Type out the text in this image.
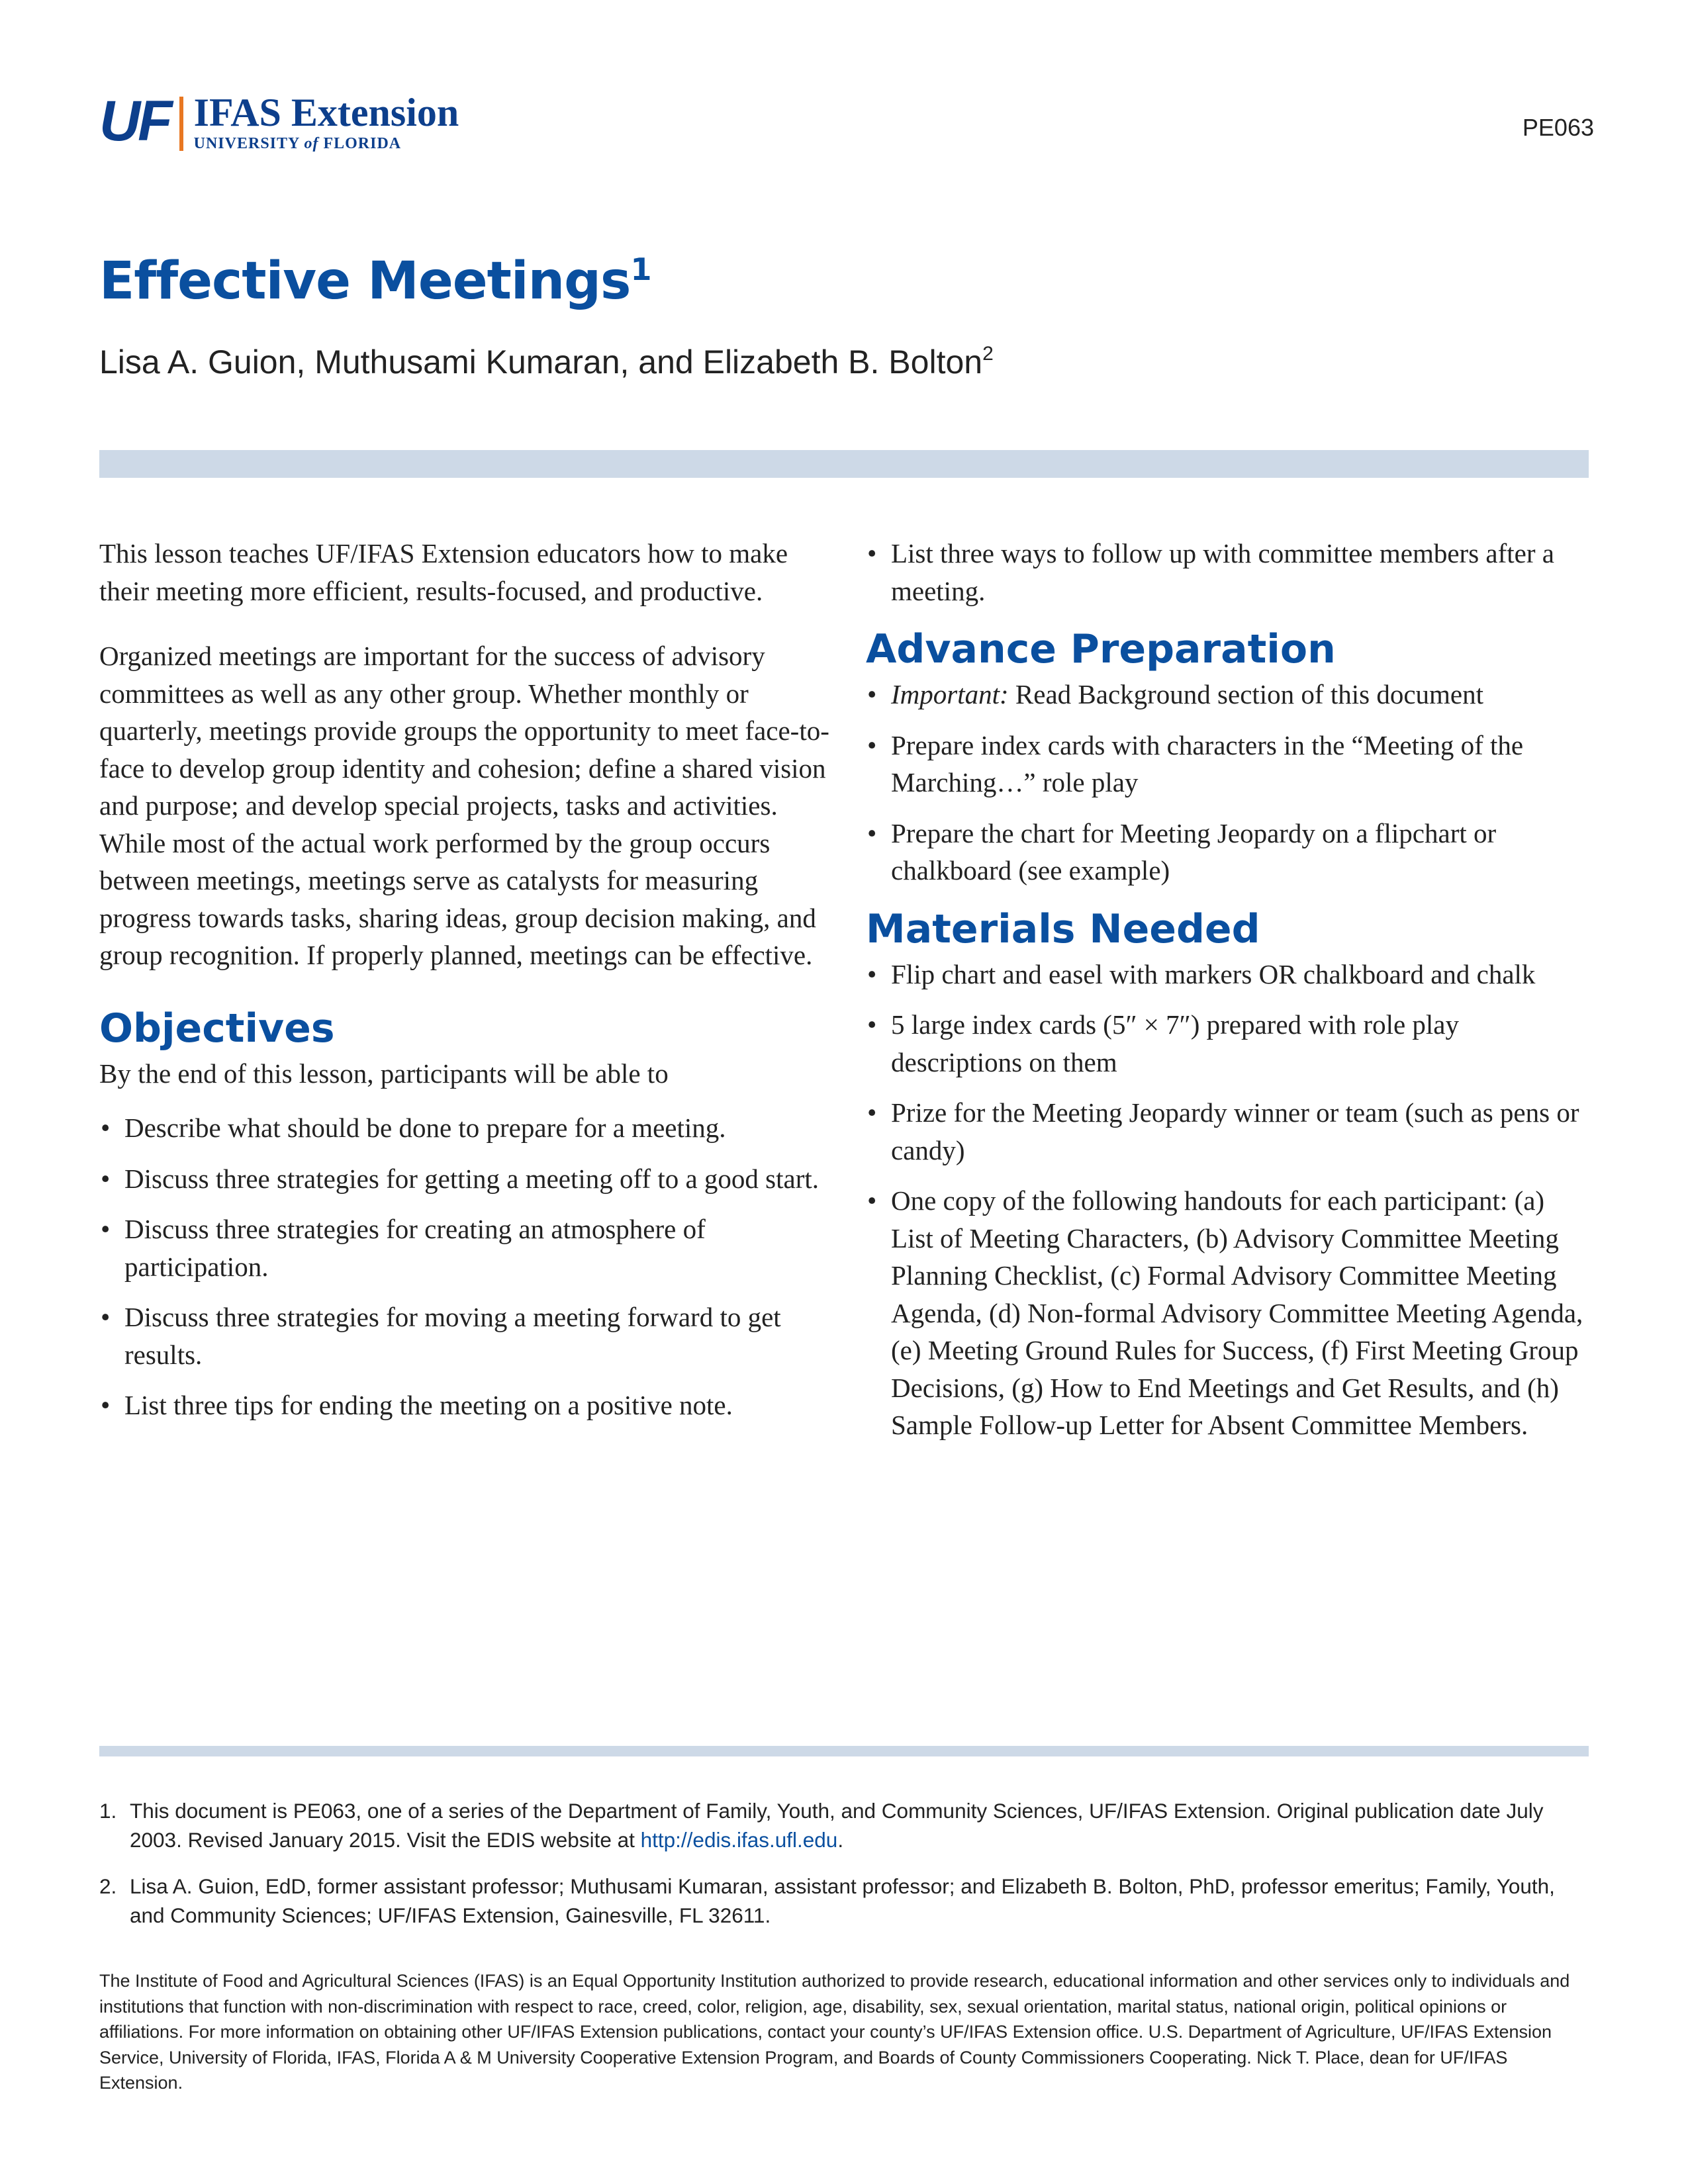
UF IFAS Extension
UNIVERSITY of FLORIDA
PE063
Effective Meetings$^1$
Lisa A. Guion, Muthusami Kumaran, and Elizabeth B. Bolton$^2$

This lesson teaches UF/IFAS Extension educators how to make their meeting more efficient, results-focused, and productive.

Organized meetings are important for the success of advisory committees as well as any other group. Whether monthly or quarterly, meetings provide groups the opportunity to meet face-to-face to develop group identity and cohesion; define a shared vision and purpose; and develop special projects, tasks and activities. While most of the actual work performed by the group occurs between meetings, meetings serve as catalysts for measuring progress towards tasks, sharing ideas, group decision making, and group recognition. If properly planned, meetings can be effective.

Objectives

By the end of this lesson, participants will be able to

• Describe what should be done to prepare for a meeting.
• Discuss three strategies for getting a meeting off to a good start.
• Discuss three strategies for creating an atmosphere of participation.
• Discuss three strategies for moving a meeting forward to get results.
• List three tips for ending the meeting on a positive note.
• List three ways to follow up with committee members after a meeting.
Advance Preparation
• Important: Read Background section of this document
• Prepare index cards with characters in the “Meeting of the Marching…” role play
• Prepare the chart for Meeting Jeopardy on a flipchart or chalkboard (see example)
Materials Needed
• Flip chart and easel with markers OR chalkboard and chalk
• 5 large index cards (5″ × 7″) prepared with role play descriptions on them
• Prize for the Meeting Jeopardy winner or team (such as pens or candy)
• One copy of the following handouts for each participant: (a) List of Meeting Characters, (b) Advisory Committee Meeting Planning Checklist, (c) Formal Advisory Committee Meeting Agenda, (d) Non-formal Advisory Committee Meeting Agenda, (e) Meeting Ground Rules for Success, (f) First Meeting Group Decisions, (g) How to End Meetings and Get Results, and (h) Sample Follow-up Letter for Absent Committee Members.
1. This document is PE063, one of a series of the Department of Family, Youth, and Community Sciences, UF/IFAS Extension. Original publication date July 2003. Revised January 2015. Visit the EDIS website at http://edis.ifas.ufl.edu.
2. Lisa A. Guion, EdD, former assistant professor; Muthusami Kumaran, assistant professor; and Elizabeth B. Bolton, PhD, professor emeritus; Family, Youth, and Community Sciences; UF/IFAS Extension, Gainesville, FL 32611.
The Institute of Food and Agricultural Sciences (IFAS) is an Equal Opportunity Institution authorized to provide research, educational information and other services only to individuals and institutions that function with non-discrimination with respect to race, creed, color, religion, age, disability, sex, sexual orientation, marital status, national origin, political opinions or affiliations. For more information on obtaining other UF/IFAS Extension publications, contact your county’s UF/IFAS Extension office. U.S. Department of Agriculture, UF/IFAS Extension Service, University of Florida, IFAS, Florida A & M University Cooperative Extension Program, and Boards of County Commissioners Cooperating. Nick T. Place, dean for UF/IFAS Extension.
